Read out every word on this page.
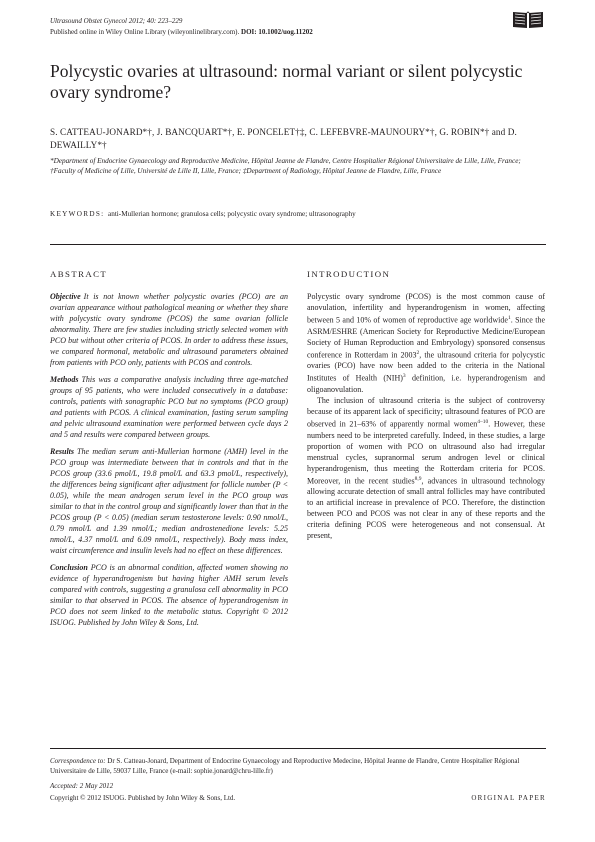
Ultrasound Obstet Gynecol 2012; 40: 223–229
Published online in Wiley Online Library (wileyonlinelibrary.com). DOI: 10.1002/uog.11202
Polycystic ovaries at ultrasound: normal variant or silent polycystic ovary syndrome?
S. CATTEAU-JONARD*†, J. BANCQUART*†, E. PONCELET†‡, C. LEFEBVRE-MAUNOURY*†, G. ROBIN*† and D. DEWAILLY*†
*Department of Endocrine Gynaecology and Reproductive Medicine, Hôpital Jeanne de Flandre, Centre Hospitalier Régional Universitaire de Lille, Lille, France; †Faculty of Medicine of Lille, Université de Lille II, Lille, France; ‡Department of Radiology, Hôpital Jeanne de Flandre, Lille, France
KEYWORDS: anti-Mullerian hormone; granulosa cells; polycystic ovary syndrome; ultrasonography
ABSTRACT

Objective It is not known whether polycystic ovaries (PCO) are an ovarian appearance without pathological meaning or whether they share with polycystic ovary syndrome (PCOS) the same ovarian follicle abnormality. There are few studies including strictly selected women with PCO but without other criteria of PCOS. In order to address these issues, we compared hormonal, metabolic and ultrasound parameters obtained from patients with PCO only, patients with PCOS and controls.

Methods This was a comparative analysis including three age-matched groups of 95 patients, who were included consecutively in a database: controls, patients with sonographic PCO but no symptoms (PCO group) and patients with PCOS. A clinical examination, fasting serum sampling and pelvic ultrasound examination were performed between cycle days 2 and 5 and results were compared between groups.

Results The median serum anti-Mullerian hormone (AMH) level in the PCO group was intermediate between that in controls and that in the PCOS group (33.6 pmol/L, 19.8 pmol/L and 63.3 pmol/L, respectively), the differences being significant after adjustment for follicle number (P < 0.05), while the mean androgen serum level in the PCO group was similar to that in the control group and significantly lower than that in the PCOS group (P < 0.05) (median serum testosterone levels: 0.90 nmol/L, 0.79 nmol/L and 1.39 nmol/L; median androstenedione levels: 5.25 nmol/L, 4.37 nmol/L and 6.09 nmol/L, respectively). Body mass index, waist circumference and insulin levels had no effect on these differences.

Conclusion PCO is an abnormal condition, affected women showing no evidence of hyperandrogenism but having higher AMH serum levels compared with controls, suggesting a granulosa cell abnormality in PCO similar to that observed in PCOS. The absence of hyperandrogenism in PCO does not seem linked to the metabolic status. Copyright © 2012 ISUOG. Published by John Wiley & Sons, Ltd.

INTRODUCTION

Polycystic ovary syndrome (PCOS) is the most common cause of anovulation, infertility and hyperandrogenism in women, affecting between 5 and 10% of women of reproductive age worldwide$^1$. Since the ASRM/ESHRE (American Society for Reproductive Medicine/European Society of Human Reproduction and Embryology) sponsored consensus conference in Rotterdam in 2003$^2$, the ultrasound criteria for polycystic ovaries (PCO) have now been added to the criteria in the National Institutes of Health (NIH)$^3$ definition, i.e. hyperandrogenism and oligoanovulation.

The inclusion of ultrasound criteria is the subject of controversy because of its apparent lack of specificity; ultrasound features of PCO are observed in 21–63% of apparently normal women$^{4-10}$. However, these numbers need to be interpreted carefully. Indeed, in these studies, a large proportion of women with PCO on ultrasound also had irregular menstrual cycles, supranormal serum androgen level or clinical hyperandrogenism, thus meeting the Rotterdam criteria for PCOS. Moreover, in the recent studies$^{8,9}$, advances in ultrasound technology allowing accurate detection of small antral follicles may have contributed to an artificial increase in prevalence of PCO. Therefore, the distinction between PCO and PCOS was not clear in any of these reports and the criteria defining PCOS were heterogeneous and not consensual. At present,

Correspondence to: Dr S. Catteau-Jonard, Department of Endocrine Gynaecology and Reproductive Medecine, Hôpital Jeanne de Flandre, Centre Hospitalier Régional Universitaire de Lille, 59037 Lille, France (e-mail: sophie.jonard@chru-lille.fr)
Accepted: 2 May 2012
Copyright © 2012 ISUOG. Published by John Wiley & Sons, Ltd.	ORIGINAL PAPER
